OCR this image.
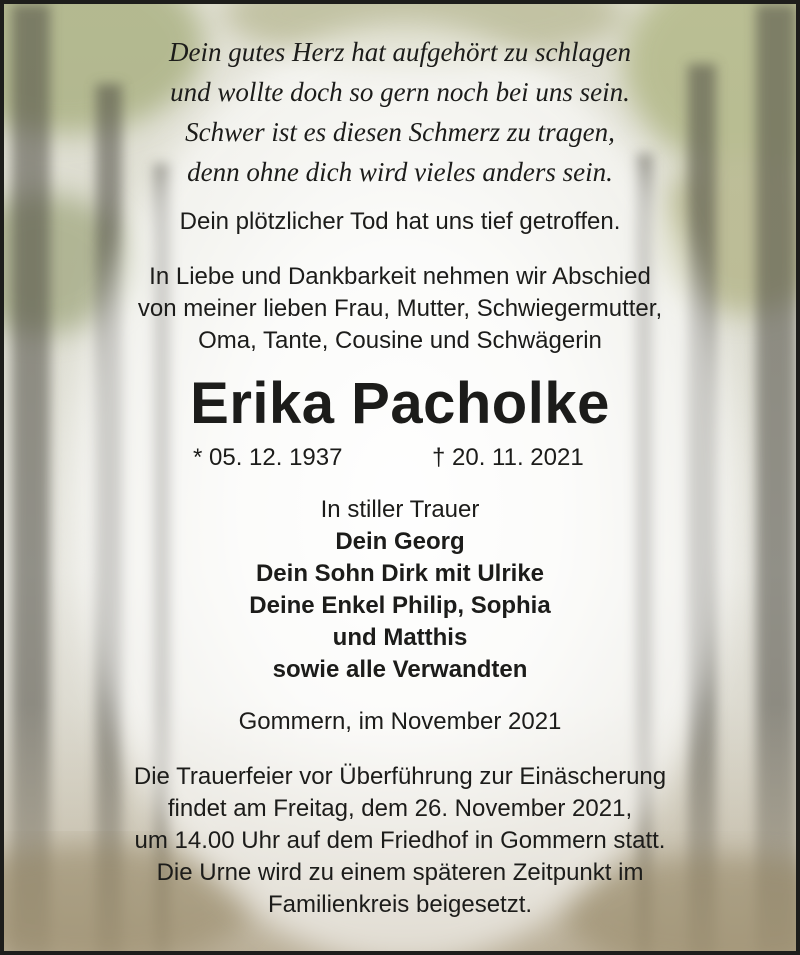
Dein gutes Herz hat aufgehört zu schlagen
und wollte doch so gern noch bei uns sein.
Schwer ist es diesen Schmerz zu tragen,
denn ohne dich wird vieles anders sein.
Dein plötzlicher Tod hat uns tief getroffen.
In Liebe und Dankbarkeit nehmen wir Abschied
von meiner lieben Frau, Mutter, Schwiegermutter,
Oma, Tante, Cousine und Schwägerin
Erika Pacholke
* 05. 12. 1937	† 20. 11. 2021
In stiller Trauer
Dein Georg
Dein Sohn Dirk mit Ulrike
Deine Enkel Philip, Sophia
und Matthis
sowie alle Verwandten
Gommern, im November 2021
Die Trauerfeier vor Überführung zur Einäscherung
findet am Freitag, dem 26. November 2021,
um 14.00 Uhr auf dem Friedhof in Gommern statt.
Die Urne wird zu einem späteren Zeitpunkt im
Familienkreis beigesetzt.
